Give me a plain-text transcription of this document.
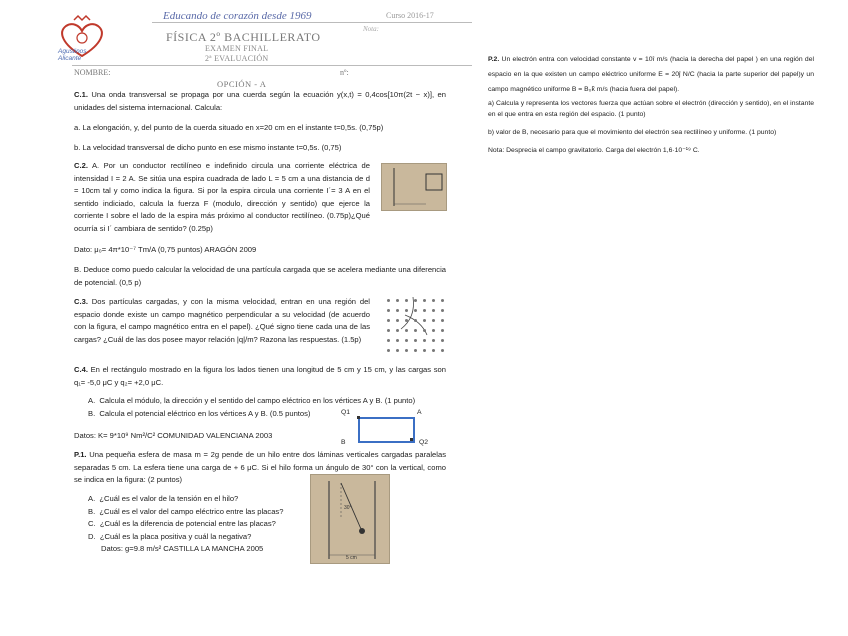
Agustinos Alicante
Educando de corazón desde 1969	Curso 2016-17
Nota:
FÍSICA 2º BACHILLERATO
EXAMEN FINAL
2ª EVALUACIÓN
NOMBRE:	nº:
OPCIÓN - A
C.1. Una onda transversal se propaga por una cuerda según la ecuación y(x,t) = 0,4cos[10π(2t − x)], en unidades del sistema internacional. Calcula:
a. La elongación, y, del punto de la cuerda situado en x=20 cm en el instante t=0,5s. (0,75p)
b. La velocidad transversal de dicho punto en ese mismo instante t=0,5s. (0,75)
C.2. A. Por un conductor rectilíneo e indefinido circula una corriente eléctrica de intensidad I = 2 A. Se sitúa una espira cuadrada de lado L = 5 cm a una distancia de d = 10cm tal y como indica la figura. Si por la espira circula una corriente I´= 3 A en el sentido indiciado, calcula la fuerza F (modulo, dirección y sentido) que ejerce la corriente I sobre el lado de la espira más próximo al conductor rectilíneo. (0.75p)¿Qué ocurría si I´ cambiara de sentido? (0.25p)
Dato: μ₀= 4π*10⁻⁷ Tm/A (0,75 puntos) ARAGÓN 2009
B. Deduce como puedo calcular la velocidad de una partícula cargada que se acelera mediante una diferencia de potencial. (0,5 p)
C.3. Dos partículas cargadas, y con la misma velocidad, entran en una región del espacio donde existe un campo magnético perpendicular a su velocidad (de acuerdo con la figura, el campo magnético entra en el papel). ¿Qué signo tiene cada una de las cargas? ¿Cuál de las dos posee mayor relación |q|/m? Razona las respuestas. (1.5p)
C.4. En el rectángulo mostrado en la figura los lados tienen una longitud de 5 cm y 15 cm, y las cargas son q₁= -5,0 μC y q₂= +2,0 μC.
A.  Calcula el módulo, la dirección y el sentido del campo eléctrico en los vértices A y B. (1 punto)
B.  Calcula el potencial eléctrico en los vértices A y B. (0.5 puntos)
Datos: K= 9*10⁹ Nm²/C² COMUNIDAD VALENCIANA 2003
Q1	A
B	Q2
P.1. Una pequeña esfera de masa m = 2g pende de un hilo entre dos láminas verticales cargadas paralelas separadas 5 cm. La esfera tiene una carga de + 6 μC. Si el hilo forma un ángulo de 30° con la vertical, como se indica en la figura: (2 puntos)
A.  ¿Cuál es el valor de la tensión en el hilo?
B.  ¿Cuál es el valor del campo eléctrico entre las placas?
C.  ¿Cuál es la diferencia de potencial entre las placas?
D.  ¿Cuál es la placa positiva y cuál la negativa?
Datos: g=9.8 m/s² CASTILLA LA MANCHA 2005
30°
5 cm
P.2. Un electrón entra con velocidad constante v = 10î m/s (hacia la derecha del papel ) en una región del espacio en la que existen un campo eléctrico uniforme E = 20ĵ N/C (hacia la parte superior del papel)y un campo magnético uniforme B = B₀k̂ m/s (hacia fuera del papel).
a) Calcula y representa los vectores fuerza que actúan sobre el electrón (dirección y sentido), en el instante en el que entra en esta región del espacio. (1 punto)
b) valor de B, necesario para que el movimiento del electrón sea rectilíneo y uniforme. (1 punto)
Nota: Desprecia el campo gravitatorio. Carga del electrón 1,6·10⁻¹⁹ C.
